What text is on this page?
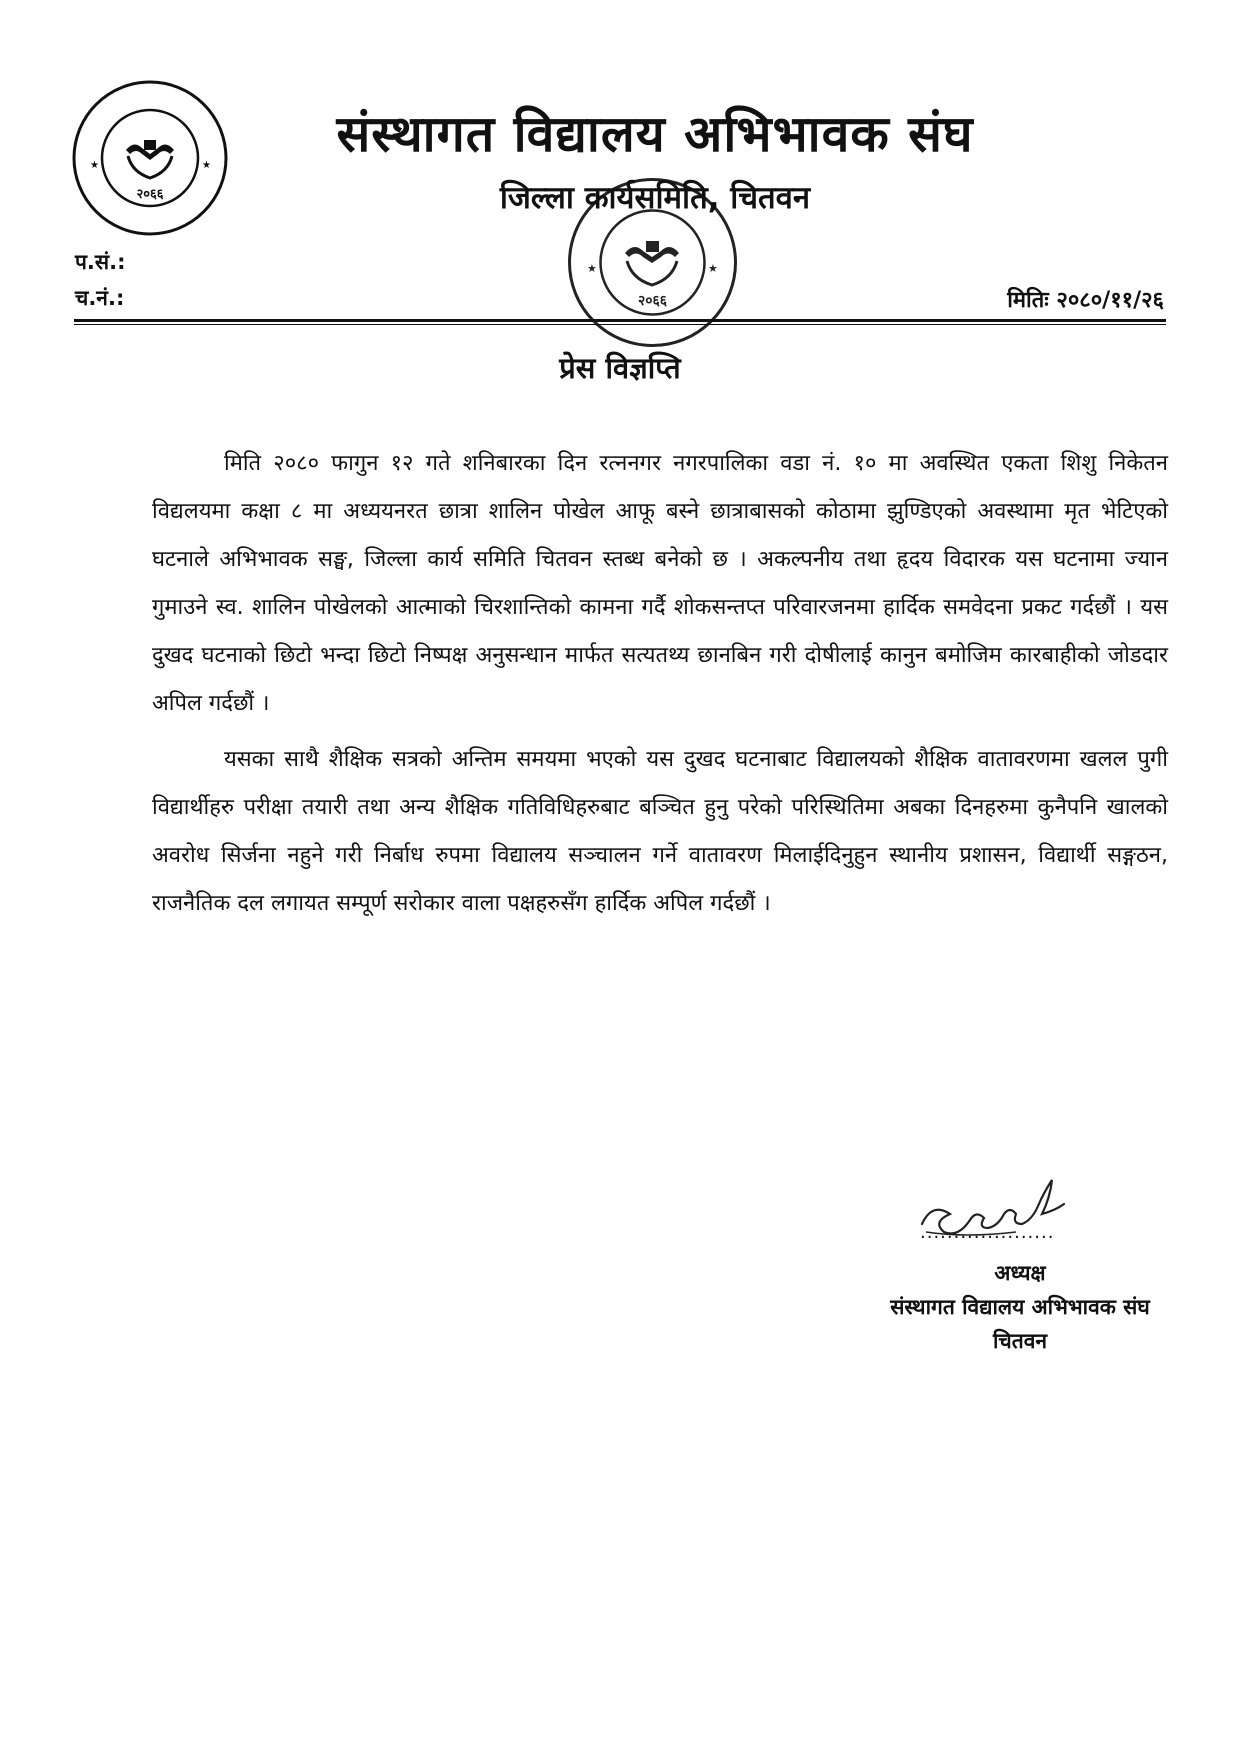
★	★
२०६६
संस्थागत विद्यालय अभिभावक संघ
जिल्ला कार्यसमिति, चितवन
★	★
२०६६
प.सं.:
च.नं.:	मितिः २०८०/११/२६
प्रेस विज्ञप्ति

मिति २०८० फागुन १२ गते शनिबारका दिन रत्ननगर नगरपालिका वडा नं. १० मा अवस्थित एकता शिशु निकेतन विद्यलयमा कक्षा ८ मा अध्ययनरत छात्रा शालिन पोखेल आफू बस्ने छात्राबासको कोठामा झुण्डिएको अवस्थामा मृत भेटिएको घटनाले अभिभावक सङ्घ, जिल्ला कार्य समिति चितवन स्तब्ध बनेको छ । अकल्पनीय तथा हृदय विदारक यस घटनामा ज्यान गुमाउने स्व. शालिन पोखेलको आत्माको चिरशान्तिको कामना गर्दै शोकसन्तप्त परिवारजनमा हार्दिक समवेदना प्रकट गर्दछौं । यस दुखद घटनाको छिटो भन्दा छिटो निष्पक्ष अनुसन्धान मार्फत सत्यतथ्य छानबिन गरी दोषीलाई कानुन बमोजिम कारबाहीको जोडदार अपिल गर्दछौं ।

यसका साथै शैक्षिक सत्रको अन्तिम समयमा भएको यस दुखद घटनाबाट विद्यालयको शैक्षिक वातावरणमा खलल पुगी विद्यार्थीहरु परीक्षा तयारी तथा अन्य शैक्षिक गतिविधिहरुबाट बञ्चित हुनु परेको परिस्थितिमा अबका दिनहरुमा कुनैपनि खालको अवरोध सिर्जना नहुने गरी निर्बाध रुपमा विद्यालय सञ्चालन गर्ने वातावरण मिलाईदिनुहुन स्थानीय प्रशासन, विद्यार्थी सङ्गठन, राजनैतिक दल लगायत सम्पूर्ण सरोकार वाला पक्षहरुसँग हार्दिक अपिल गर्दछौं ।

....................
अध्यक्ष
संस्थागत विद्यालय अभिभावक संघ
चितवन
